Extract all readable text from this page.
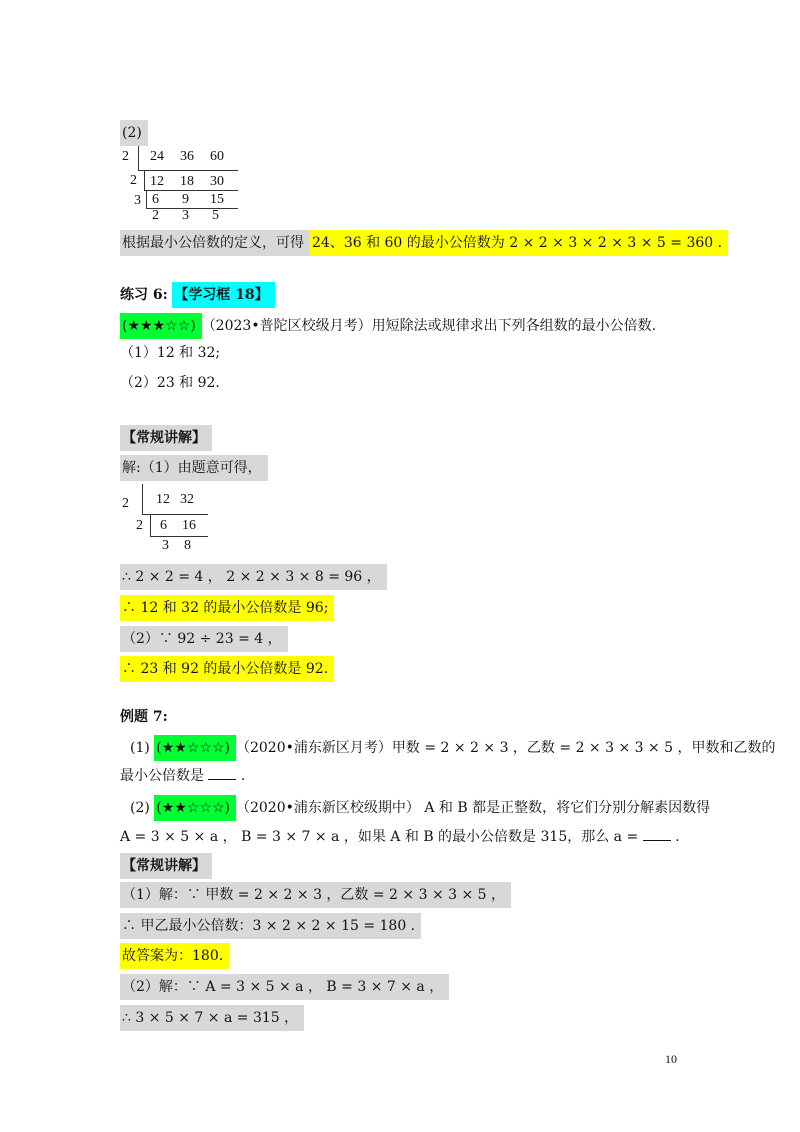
(2)
2 24 36 60
2 12 18 30
3 6 9 15
2 3 5
根据最小公倍数的定义，可得24、36 和 60 的最小公倍数为 2 × 2 × 3 × 2 × 3 × 5 = 360 .
练习 6: 【学习框 18】
(★★★☆☆) （2023•普陀区校级月考）用短除法或规律求出下列各组数的最小公倍数.
（1）12 和 32;
（2）23 和 92.
【常规讲解】
解:（1）由题意可得，
2 12 32
2 6 16
3 8
∴ 2 × 2 = 4 ， 2 × 2 × 3 × 8 = 96 ，
∴ 12 和 32 的最小公倍数是 96;
（2）∵ 92 ÷ 23 = 4 ，
∴ 23 和 92 的最小公倍数是 92.
例题 7:
(1) (★★☆☆☆) （2020•浦东新区月考）甲数 = 2 × 2 × 3 ，乙数 = 2 × 3 × 3 × 5 ，甲数和乙数的
最小公倍数是	.
(2) (★★☆☆☆) （2020•浦东新区校级期中） A 和 B 都是正整数，将它们分别分解素因数得
A = 3 × 5 × a ， B = 3 × 7 × a ，如果 A 和 B 的最小公倍数是 315，那么 a =	.
【常规讲解】
（1）解：∵ 甲数 = 2 × 2 × 3 ，乙数 = 2 × 3 × 3 × 5 ，
∴ 甲乙最小公倍数：3 × 2 × 2 × 15 = 180 .
故答案为：180.
（2）解：∵ A = 3 × 5 × a ， B = 3 × 7 × a ，
∴ 3 × 5 × 7 × a = 315 ，
10
